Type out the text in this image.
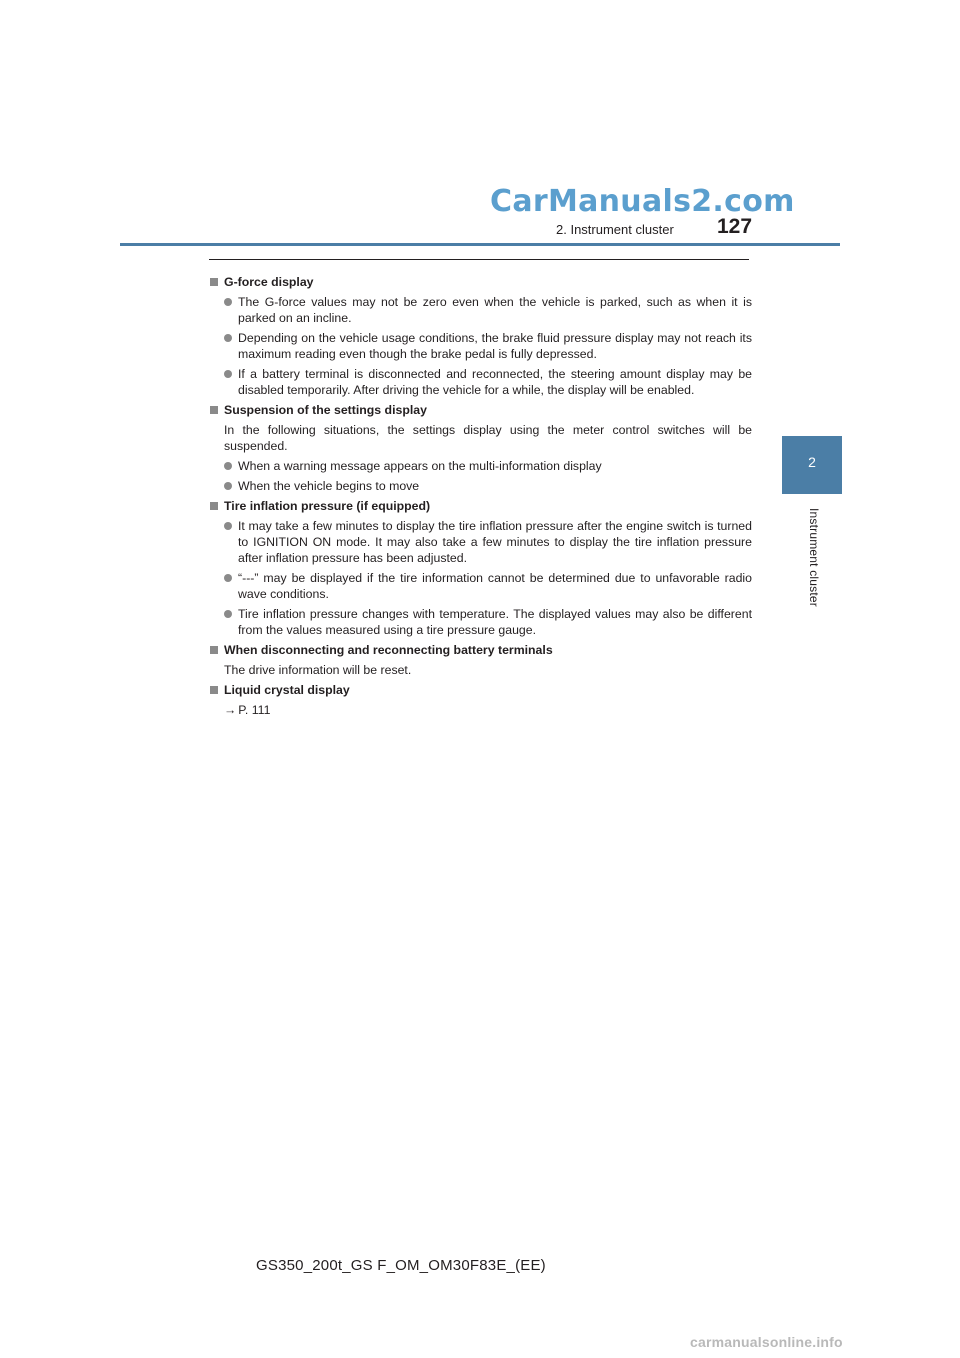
CarManuals2.com
2. Instrument cluster 127
2
Instrument cluster
G-force display
The G-force values may not be zero even when the vehicle is parked, such as when it is parked on an incline.
Depending on the vehicle usage conditions, the brake fluid pressure display may not reach its maximum reading even though the brake pedal is fully depressed.
If a battery terminal is disconnected and reconnected, the steering amount display may be disabled temporarily. After driving the vehicle for a while, the display will be enabled.
Suspension of the settings display
In the following situations, the settings display using the meter control switches will be suspended.
When a warning message appears on the multi-information display
When the vehicle begins to move
Tire inflation pressure (if equipped)
It may take a few minutes to display the tire inflation pressure after the engine switch is turned to IGNITION ON mode. It may also take a few minutes to display the tire inflation pressure after inflation pressure has been adjusted.
“---” may be displayed if the tire information cannot be determined due to unfavorable radio wave conditions.
Tire inflation pressure changes with temperature. The displayed values may also be different from the values measured using a tire pressure gauge.
When disconnecting and reconnecting battery terminals
The drive information will be reset.
Liquid crystal display
→ P. 111
GS350_200t_GS F_OM_OM30F83E_(EE)
carmanualsonline.info
